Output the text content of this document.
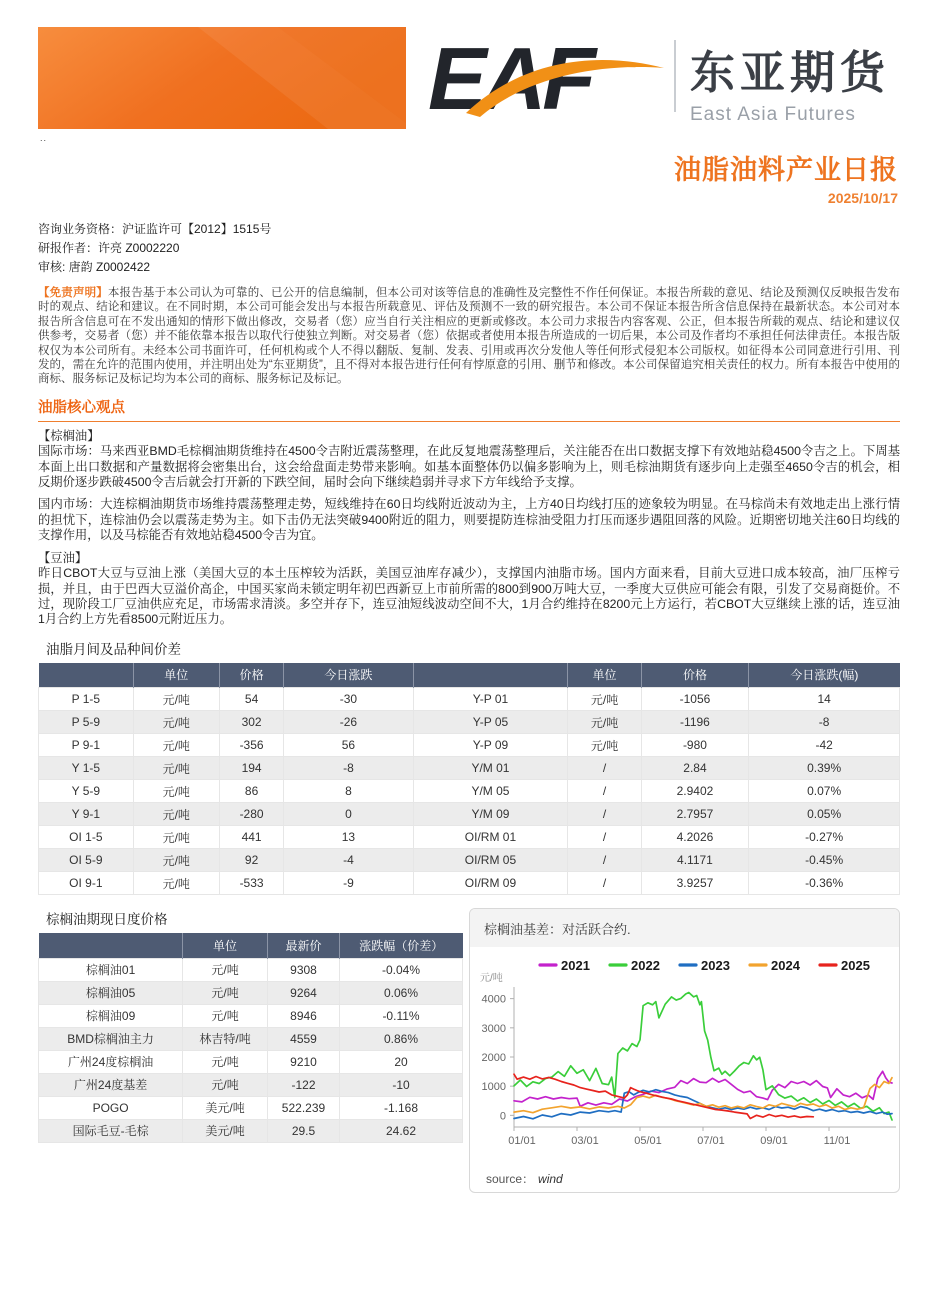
EAF 东亚期货
East Asia Futures
..
油脂油料产业日报
2025/10/17
咨询业务资格：沪证监许可【2012】1515号
研报作者：许亮 Z0002220
审核: 唐韵 Z0002422
【免责声明】本报告基于本公司认为可靠的、已公开的信息编制，但本公司对该等信息的准确性及完整性不作任何保证。本报告所载的意见、结论及预测仅反映报告发布时的观点、结论和建议。在不同时期，本公司可能会发出与本报告所载意见、评估及预测不一致的研究报告。本公司不保证本报告所含信息保持在最新状态。本公司对本报告所含信息可在不发出通知的情形下做出修改，交易者（您）应当自行关注相应的更新或修改。本公司力求报告内容客观、公正，但本报告所载的观点、结论和建议仅供参考，交易者（您）并不能依靠本报告以取代行使独立判断。对交易者（您）依据或者使用本报告所造成的一切后果，本公司及作者均不承担任何法律责任。本报告版权仅为本公司所有。未经本公司书面许可，任何机构或个人不得以翻版、复制、发表、引用或再次分发他人等任何形式侵犯本公司版权。如征得本公司同意进行引用、刊发的，需在允许的范围内使用，并注明出处为“东亚期货”，且不得对本报告进行任何有悖原意的引用、删节和修改。本公司保留追究相关责任的权力。所有本报告中使用的商标、服务标记及标记均为本公司的商标、服务标记及标记。
油脂核心观点
【棕榈油】

国际市场：马来西亚BMD毛棕榈油期货维持在4500令吉附近震荡整理，在此反复地震荡整理后，关注能否在出口数据支撑下有效地站稳4500令吉之上。下周基本面上出口数据和产量数据将会密集出台，这会给盘面走势带来影响。如基本面整体仍以偏多影响为上，则毛棕油期货有逐步向上走强至4650令吉的机会，相反期价逐步跌破4500令吉后就会打开新的下跌空间，届时会向下继续趋弱并寻求下方年线给予支撑。

国内市场：大连棕榈油期货市场维持震荡整理走势，短线维持在60日均线附近波动为主，上方40日均线打压的迹象较为明显。在马棕尚未有效地走出上涨行情的担忧下，连棕油仍会以震荡走势为主。如下击仍无法突破9400附近的阻力，则要提防连棕油受阻力打压而逐步遇阻回落的风险。近期密切地关注60日均线的支撑作用，以及马棕能否有效地站稳4500令吉为宜。

【豆油】

昨日CBOT大豆与豆油上涨（美国大豆的本土压榨较为活跃，美国豆油库存减少），支撑国内油脂市场。国内方面来看，目前大豆进口成本较高，油厂压榨亏损，并且，由于巴西大豆溢价高企，中国买家尚未锁定明年初巴西新豆上市前所需的800到900万吨大豆，一季度大豆供应可能会有限，引发了交易商挺价。不过，现阶段工厂豆油供应充足，市场需求清淡。多空并存下，连豆油短线波动空间不大，1月合约维持在8200元上方运行，若CBOT大豆继续上涨的话，连豆油1月合约上方先看8500元附近压力。

油脂月间及品种间价差
	单位	价格	今日涨跌		单位	价格	今日涨跌(幅)
P 1-5	元/吨	54	-30	Y-P 01	元/吨	-1056	14
P 5-9	元/吨	302	-26	Y-P 05	元/吨	-1196	-8
P 9-1	元/吨	-356	56	Y-P 09	元/吨	-980	-42
Y 1-5	元/吨	194	-8	Y/M 01	/	2.84	0.39%
Y 5-9	元/吨	86	8	Y/M 05	/	2.9402	0.07%
Y 9-1	元/吨	-280	0	Y/M 09	/	2.7957	0.05%
OI 1-5	元/吨	441	13	OI/RM 01	/	4.2026	-0.27%
OI 5-9	元/吨	92	-4	OI/RM 05	/	4.1171	-0.45%
OI 9-1	元/吨	-533	-9	OI/RM 09	/	3.9257	-0.36%
棕榈油期现日度价格
	单位	最新价	涨跌幅（价差）
棕榈油01	元/吨	9308	-0.04%
棕榈油05	元/吨	9264	0.06%
棕榈油09	元/吨	8946	-0.11%
BMD棕榈油主力	林吉特/吨	4559	0.86%
广州24度棕榈油	元/吨	9210	20
广州24度基差	元/吨	-122	-10
POGO	美元/吨	522.239	-1.168
国际毛豆-毛棕	美元/吨	29.5	24.62
棕榈油基差：对活跃合约.
0
1000
2000
3000
4000
元/吨
01/01	03/01	05/01	07/01	09/01	11/01
2021	2022	2023	2024	2025
source： wind
